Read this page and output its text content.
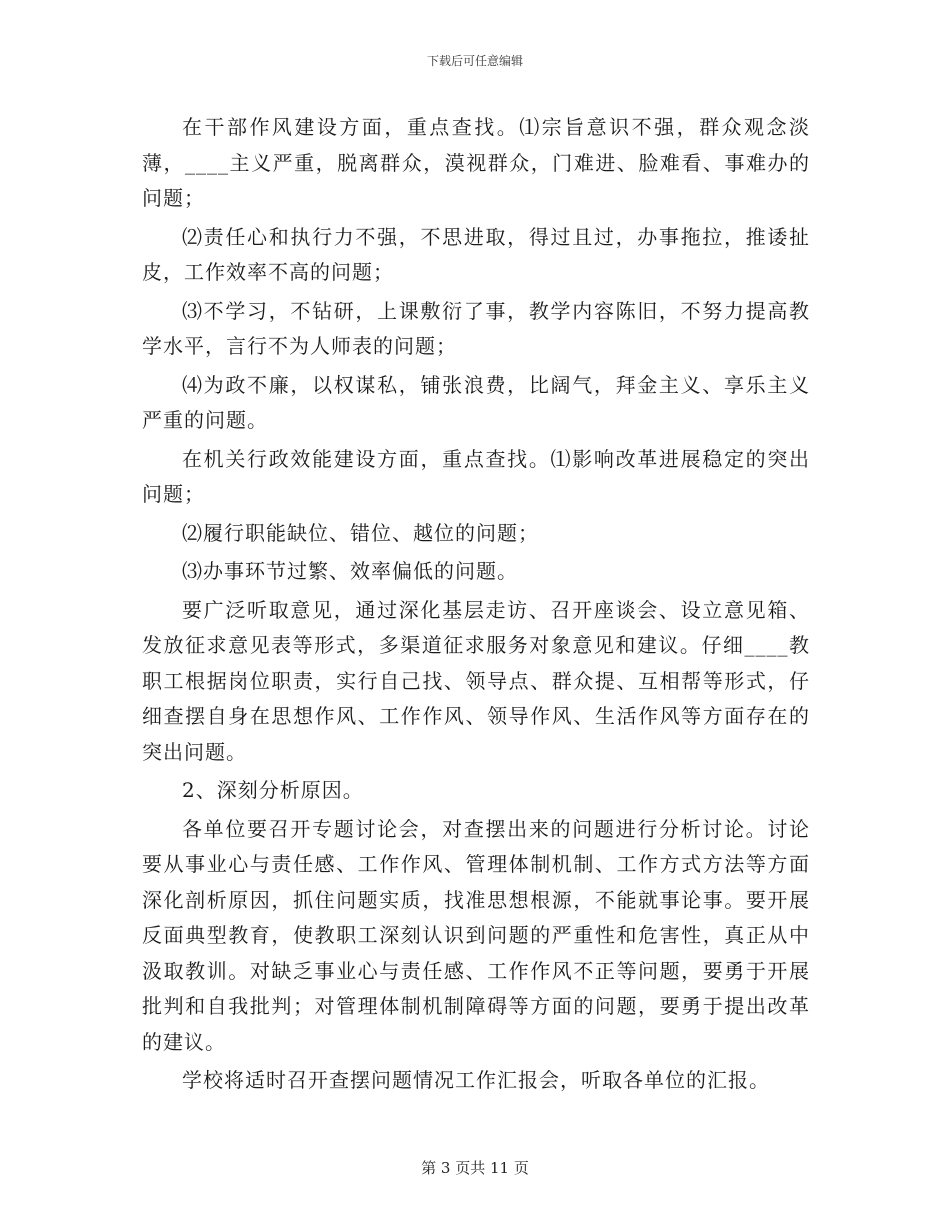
下载后可任意编辑

在干部作风建设方面，重点查找。⑴宗旨意识不强，群众观念淡薄，____主义严重，脱离群众，漠视群众，门难进、脸难看、事难办的问题；

⑵责任心和执行力不强，不思进取，得过且过，办事拖拉，推诿扯皮，工作效率不高的问题；

⑶不学习，不钻研，上课敷衍了事，教学内容陈旧，不努力提高教学水平，言行不为人师表的问题；

⑷为政不廉，以权谋私，铺张浪费，比阔气，拜金主义、享乐主义严重的问题。

在机关行政效能建设方面，重点查找。⑴影响改革进展稳定的突出问题；

⑵履行职能缺位、错位、越位的问题；

⑶办事环节过繁、效率偏低的问题。

要广泛听取意见，通过深化基层走访、召开座谈会、设立意见箱、发放征求意见表等形式，多渠道征求服务对象意见和建议。仔细____教职工根据岗位职责，实行自己找、领导点、群众提、互相帮等形式，仔细查摆自身在思想作风、工作作风、领导作风、生活作风等方面存在的突出问题。

2、深刻分析原因。

各单位要召开专题讨论会，对查摆出来的问题进行分析讨论。讨论要从事业心与责任感、工作作风、管理体制机制、工作方式方法等方面深化剖析原因，抓住问题实质，找准思想根源，不能就事论事。要开展反面典型教育，使教职工深刻认识到问题的严重性和危害性，真正从中汲取教训。对缺乏事业心与责任感、工作作风不正等问题，要勇于开展批判和自我批判；对管理体制机制障碍等方面的问题，要勇于提出改革的建议。

学校将适时召开查摆问题情况工作汇报会，听取各单位的汇报。

第 3 页共 11 页
